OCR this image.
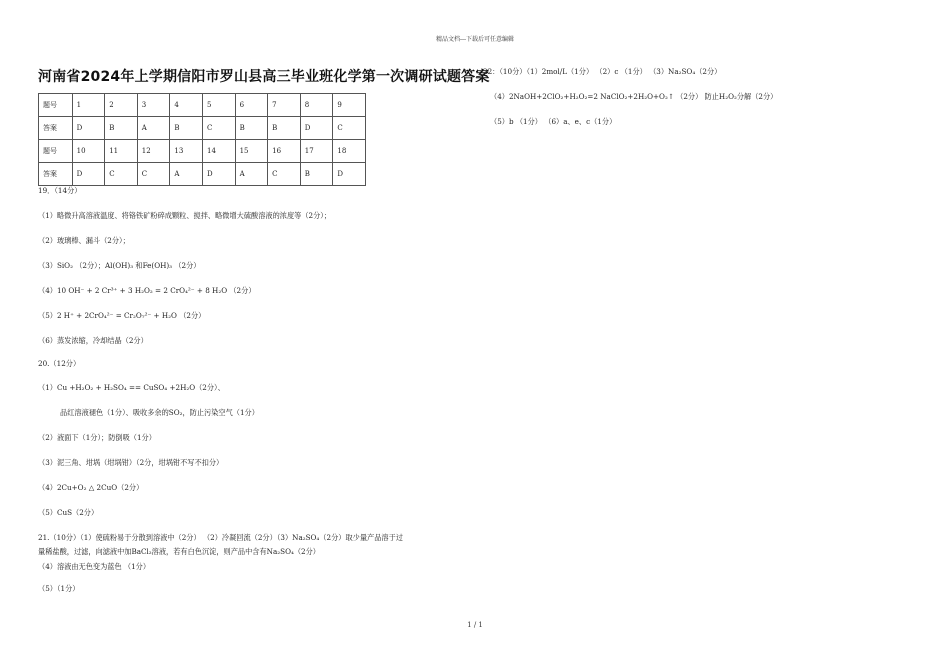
精品文档---下载后可任意编辑
河南省2024年上学期信阳市罗山县高三毕业班化学第一次调研试题答案
题号	1	2	3	4	5	6	7	8	9
答案	D	B	A	B	C	B	B	D	C
题号	10	11	12	13	14	15	16	17	18
答案	D	C	C	A	D	A	C	B	D
19．（14分）
（1）略微升高溶液温度、将铬铁矿粉碎成颗粒、搅拌、略微增大硫酸溶液的浓度等（2分）；
（2）玻璃棒、漏斗（2分）；
（3）SiO₂ （2分）；Al(OH)₃ 和Fe(OH)₃ （2分）
（4）10 OH⁻ + 2 Cr³⁺ + 3 H₂O₂ = 2 CrO₄²⁻ + 8 H₂O （2分）
（5）2 H⁺ + 2CrO₄²⁻ = Cr₂O₇²⁻ + H₂O （2分）
（6）蒸发浓缩，冷却结晶（2分）
20.（12分）
（1）Cu +H₂O₂ + H₂SO₄ == CuSO₄ +2H₂O（2分）、
品红溶液褪色（1分）、吸收多余的SO₂，防止污染空气（1分）
（2）液面下（1分）；防倒吸（1分）
（3）泥三角、坩埚（坩埚钳）（2分，坩埚钳不写不扣分）
（4）2Cu+O₂ △ 2CuO（2分）
（5）CuS（2分）
21.（10分）（1）使硫粉易于分散到溶液中（2分） （2）冷凝回流（2分）（3）Na₂SO₄（2分）取少量产品溶于过
量稀盐酸，过滤，向滤液中加BaCl₂溶液，若有白色沉淀，则产品中含有Na₂SO₄（2分）
（4）溶液由无色变为蓝色 （1分）
（5）（1分）
22：（10分）（1）2mol/L（1分） （2）c （1分） （3）Na₂SO₄（2分）
（4）2NaOH+2ClO₂+H₂O₂=2 NaClO₂+2H₂O+O₂↑ （2分） 防止H₂O₂分解（2分）
（5）b （1分） （6）a、e、c（1分）
1 / 1
